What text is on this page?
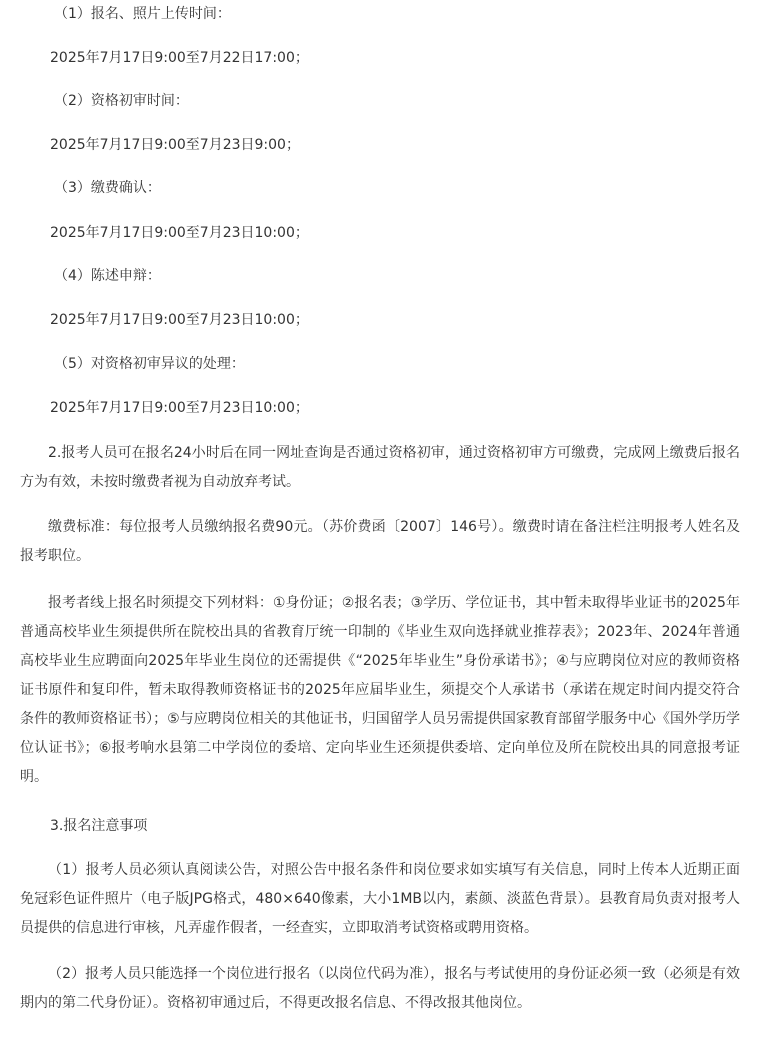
（1）报名、照片上传时间：
2025年7月17日9:00至7月22日17:00；
（2）资格初审时间：
2025年7月17日9:00至7月23日9:00；
（3）缴费确认：
2025年7月17日9:00至7月23日10:00；
（4）陈述申辩：
2025年7月17日9:00至7月23日10:00；
（5）对资格初审异议的处理：
2025年7月17日9:00至7月23日10:00；
2.报考人员可在报名24小时后在同一网址查询是否通过资格初审，通过资格初审方可缴费，完成网上缴费后报名方为有效，未按时缴费者视为自动放弃考试。
缴费标准：每位报考人员缴纳报名费90元。（苏价费函〔2007〕146号）。缴费时请在备注栏注明报考人姓名及报考职位。
报考者线上报名时须提交下列材料：①身份证；②报名表；③学历、学位证书，其中暂未取得毕业证书的2025年普通高校毕业生须提供所在院校出具的省教育厅统一印制的《毕业生双向选择就业推荐表》；2023年、2024年普通高校毕业生应聘面向2025年毕业生岗位的还需提供《“2025年毕业生”身份承诺书》；④与应聘岗位对应的教师资格证书原件和复印件，暂未取得教师资格证书的2025年应届毕业生，须提交个人承诺书（承诺在规定时间内提交符合条件的教师资格证书）；⑤与应聘岗位相关的其他证书，归国留学人员另需提供国家教育部留学服务中心《国外学历学位认证书》；⑥报考响水县第二中学岗位的委培、定向毕业生还须提供委培、定向单位及所在院校出具的同意报考证明。
3.报名注意事项
（1）报考人员必须认真阅读公告，对照公告中报名条件和岗位要求如实填写有关信息，同时上传本人近期正面免冠彩色证件照片（电子版JPG格式，480×640像素，大小1MB以内，素颜、淡蓝色背景）。县教育局负责对报考人员提供的信息进行审核，凡弄虚作假者，一经查实，立即取消考试资格或聘用资格。
（2）报考人员只能选择一个岗位进行报名（以岗位代码为准），报名与考试使用的身份证必须一致（必须是有效期内的第二代身份证）。资格初审通过后，不得更改报名信息、不得改报其他岗位。
